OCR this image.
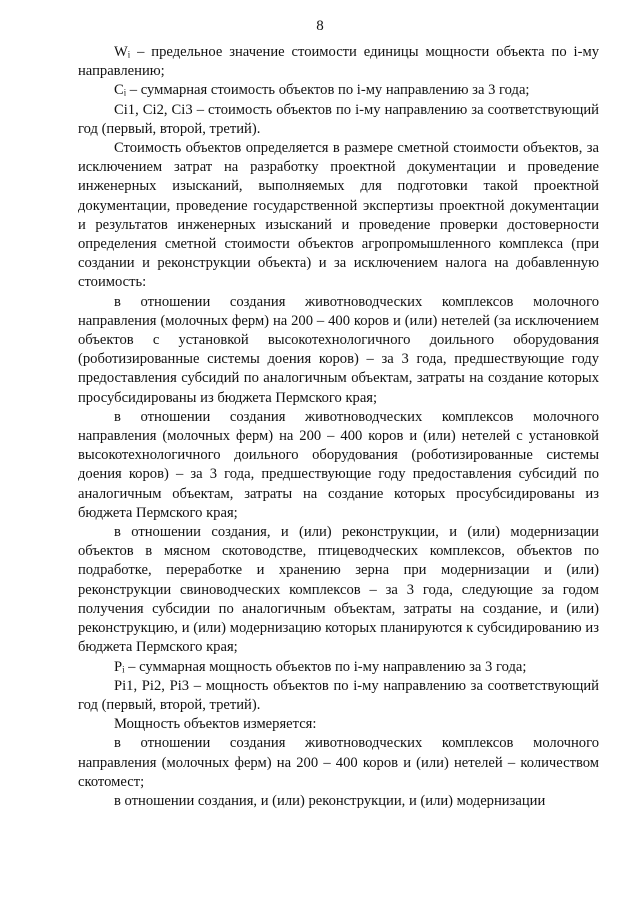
8

Wᵢ – предельное значение стоимости единицы мощности объекта по i-му направлению;

Cᵢ – суммарная стоимость объектов по i-му направлению за 3 года;

Ci1, Ci2, Ci3 – стоимость объектов по i-му направлению за соответствующий год (первый, второй, третий).

Стоимость объектов определяется в размере сметной стоимости объектов, за исключением затрат на разработку проектной документации и проведение инженерных изысканий, выполняемых для подготовки такой проектной документации, проведение государственной экспертизы проектной документации и результатов инженерных изысканий и проведение проверки достоверности определения сметной стоимости объектов агропромышленного комплекса (при создании и реконструкции объекта) и за исключением налога на добавленную стоимость:

в отношении создания животноводческих комплексов молочного направления (молочных ферм) на 200 – 400 коров и (или) нетелей (за исключением объектов с установкой высокотехнологичного доильного оборудования (роботизированные системы доения коров) – за 3 года, предшествующие году предоставления субсидий по аналогичным объектам, затраты на создание которых просубсидированы из бюджета Пермского края;

в отношении создания животноводческих комплексов молочного направления (молочных ферм) на 200 – 400 коров и (или) нетелей с установкой высокотехнологичного доильного оборудования (роботизированные системы доения коров) – за 3 года, предшествующие году предоставления субсидий по аналогичным объектам, затраты на создание которых просубсидированы из бюджета Пермского края;

в отношении создания, и (или) реконструкции, и (или) модернизации объектов в мясном скотоводстве, птицеводческих комплексов, объектов по подработке, переработке и хранению зерна при модернизации и (или) реконструкции свиноводческих комплексов – за 3 года, следующие за годом получения субсидии по аналогичным объектам, затраты на создание, и (или) реконструкцию, и (или) модернизацию которых планируются к субсидированию из бюджета Пермского края;

Pᵢ – суммарная мощность объектов по i-му направлению за 3 года;

Pi1, Pi2, Pi3 – мощность объектов по i-му направлению за соответствующий год (первый, второй, третий).

Мощность объектов измеряется:

в отношении создания животноводческих комплексов молочного направления (молочных ферм) на 200 – 400 коров и (или) нетелей – количеством скотомест;

в отношении создания, и (или) реконструкции, и (или) модернизации
